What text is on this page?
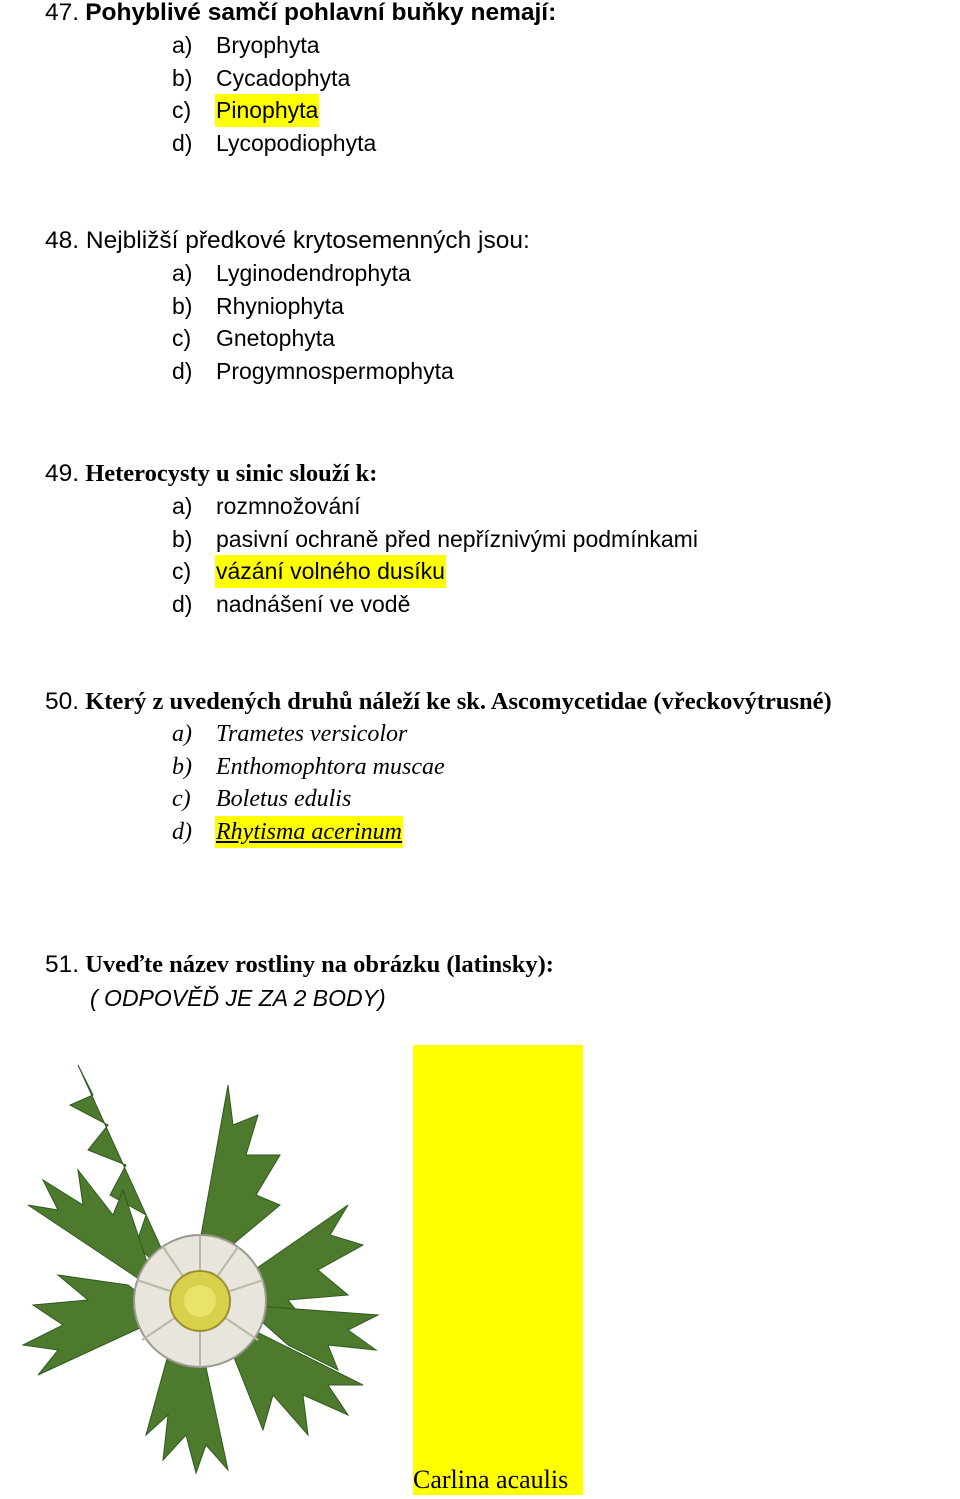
47. Pohyblivé samčí pohlavní buňky nemají:
a) Bryophyta
b) Cycadophyta
c) Pinophyta
d) Lycopodiophyta
48. Nejbližší předkové krytosemenných jsou:
a) Lyginodendrophyta
b) Rhyniophyta
c) Gnetophyta
d) Progymnospermophyta
49. Heterocysty u sinic slouží k:
a) rozmnožování
b) pasivní ochraně před nepříznivými podmínkami
c) vázání volného dusíku
d) nadnášení ve vodě
50. Který z uvedených druhů náleží ke sk. Ascomycetidae (vřeckovýtrusné)
a) Trametes versicolor
b) Enthomophtora muscae
c) Boletus edulis
d) Rhytisma acerinum
51. Uveďte název rostliny na obrázku (latinsky):
( ODPOVĚĎ JE ZA 2 BODY)
Carlina acaulis
